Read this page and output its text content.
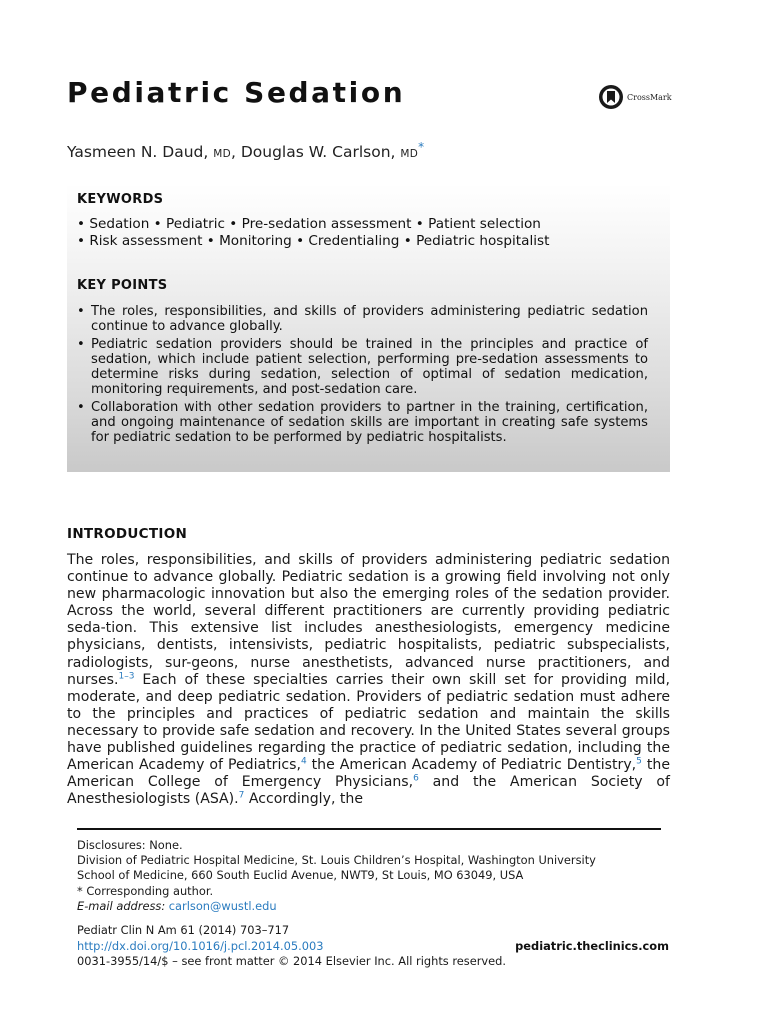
Pediatric Sedation	CrossMark
Yasmeen N. Daud, MD, Douglas W. Carlson, MD*
KEYWORDS
• Sedation • Pediatric • Pre-sedation assessment • Patient selection
• Risk assessment • Monitoring • Credentialing • Pediatric hospitalist
KEY POINTS
• The roles, responsibilities, and skills of providers administering pediatric sedation continue to advance globally.
• Pediatric sedation providers should be trained in the principles and practice of sedation, which include patient selection, performing pre-sedation assessments to determine risks during sedation, selection of optimal of sedation medication, monitoring requirements, and post-sedation care.
• Collaboration with other sedation providers to partner in the training, certification, and ongoing maintenance of sedation skills are important in creating safe systems for pediatric sedation to be performed by pediatric hospitalists.
INTRODUCTION

The roles, responsibilities, and skills of providers administering pediatric sedation continue to advance globally. Pediatric sedation is a growing field involving not only new pharmacologic innovation but also the emerging roles of the sedation provider. Across the world, several different practitioners are currently providing pediatric seda-tion. This extensive list includes anesthesiologists, emergency medicine physicians, dentists, intensivists, pediatric hospitalists, pediatric subspecialists, radiologists, sur-geons, nurse anesthetists, advanced nurse practitioners, and nurses.$^{1-3}$ Each of these specialties carries their own skill set for providing mild, moderate, and deep pediatric sedation. Providers of pediatric sedation must adhere to the principles and practices of pediatric sedation and maintain the skills necessary to provide safe sedation and recovery. In the United States several groups have published guidelines regarding the practice of pediatric sedation, including the American Academy of Pediatrics,$^4$ the American Academy of Pediatric Dentistry,$^5$ the American College of Emergency Physicians,$^6$ and the American Society of Anesthesiologists (ASA).$^7$ Accordingly, the

Disclosures: None.
Division of Pediatric Hospital Medicine, St. Louis Children’s Hospital, Washington University
School of Medicine, 660 South Euclid Avenue, NWT9, St Louis, MO 63049, USA
* Corresponding author.
E-mail address: carlson@wustl.edu
Pediatr Clin N Am 61 (2014) 703–717
http://dx.doi.org/10.1016/j.pcl.2014.05.003	pediatric.theclinics.com
0031-3955/14/$ – see front matter © 2014 Elsevier Inc. All rights reserved.
